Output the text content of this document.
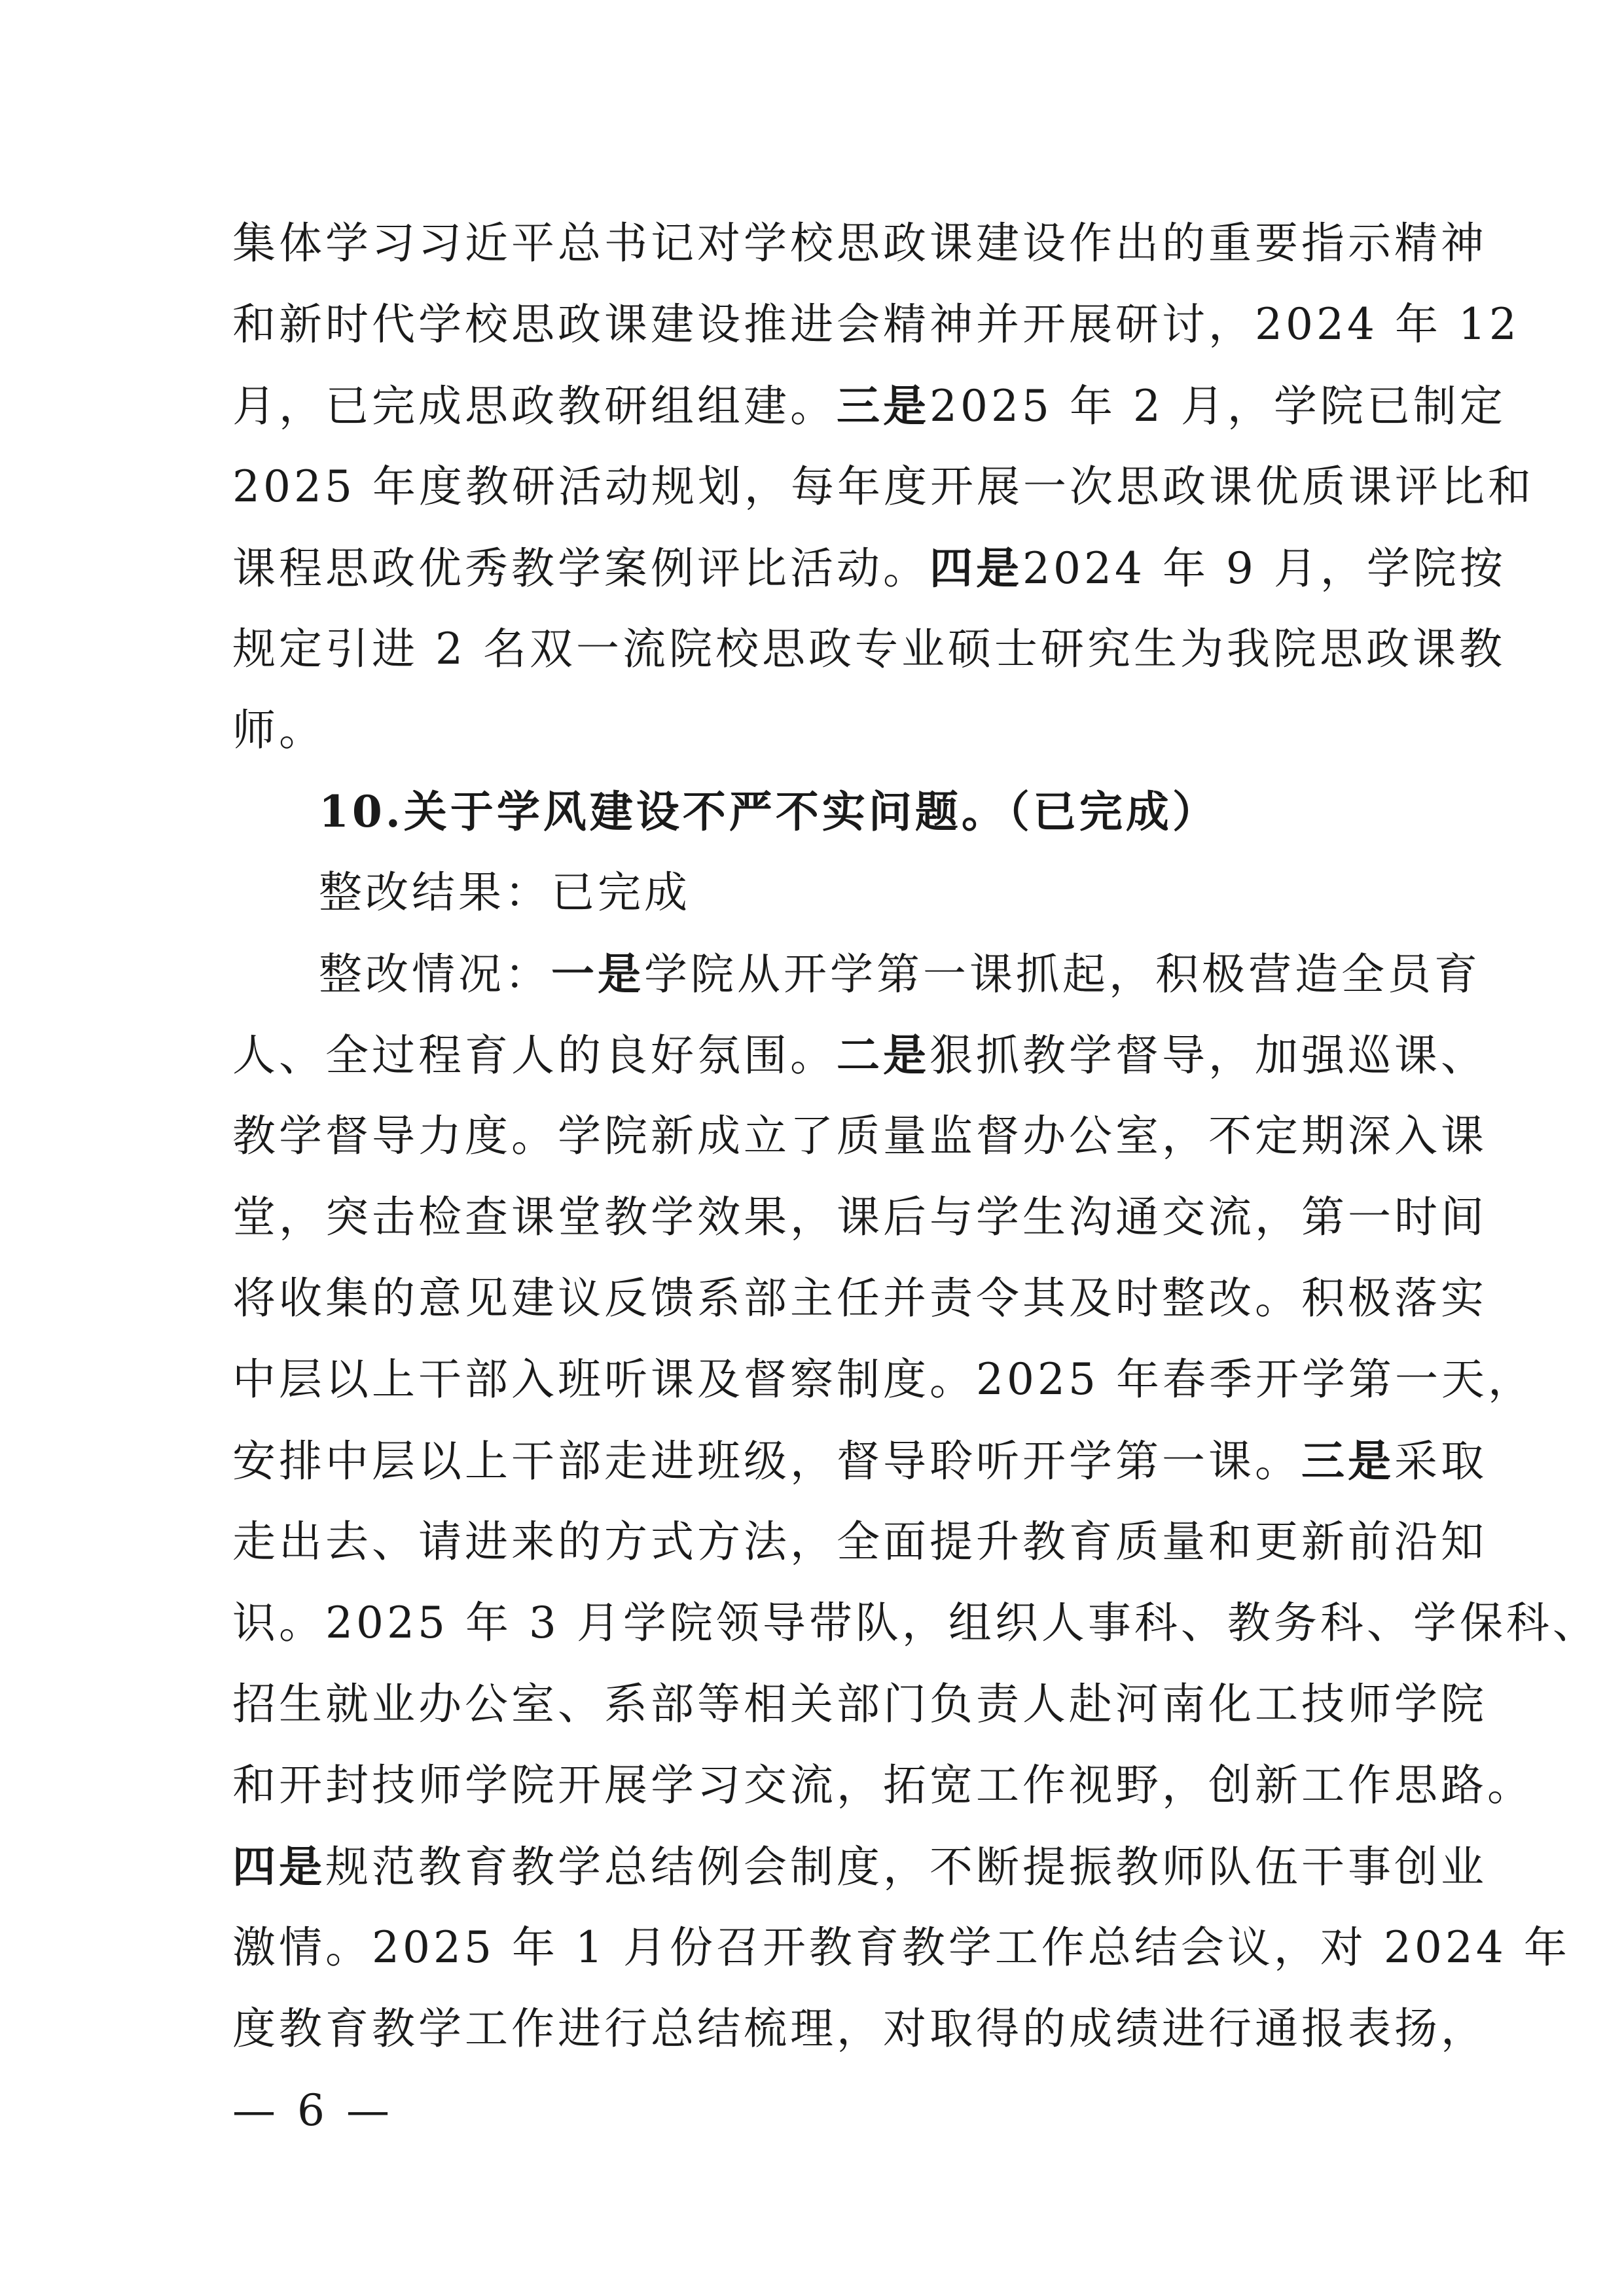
集体学习习近平总书记对学校思政课建设作出的重要指示精神
和新时代学校思政课建设推进会精神并开展研讨，2024 年 12
月，已完成思政教研组组建。三是2025 年 2 月，学院已制定
2025 年度教研活动规划，每年度开展一次思政课优质课评比和
课程思政优秀教学案例评比活动。四是2024 年 9 月，学院按
规定引进 2 名双一流院校思政专业硕士研究生为我院思政课教
师。
10.关于学风建设不严不实问题。（已完成）
整改结果：已完成
整改情况：一是学院从开学第一课抓起，积极营造全员育
人、全过程育人的良好氛围。二是狠抓教学督导，加强巡课、
教学督导力度。学院新成立了质量监督办公室，不定期深入课
堂，突击检查课堂教学效果，课后与学生沟通交流，第一时间
将收集的意见建议反馈系部主任并责令其及时整改。积极落实
中层以上干部入班听课及督察制度。2025 年春季开学第一天，
安排中层以上干部走进班级，督导聆听开学第一课。三是采取
走出去、请进来的方式方法，全面提升教育质量和更新前沿知
识。2025 年 3 月学院领导带队，组织人事科、教务科、学保科、
招生就业办公室、系部等相关部门负责人赴河南化工技师学院
和开封技师学院开展学习交流，拓宽工作视野，创新工作思路。
四是规范教育教学总结例会制度，不断提振教师队伍干事创业
激情。2025 年 1 月份召开教育教学工作总结会议，对 2024 年
度教育教学工作进行总结梳理，对取得的成绩进行通报表扬，
— 6 —
